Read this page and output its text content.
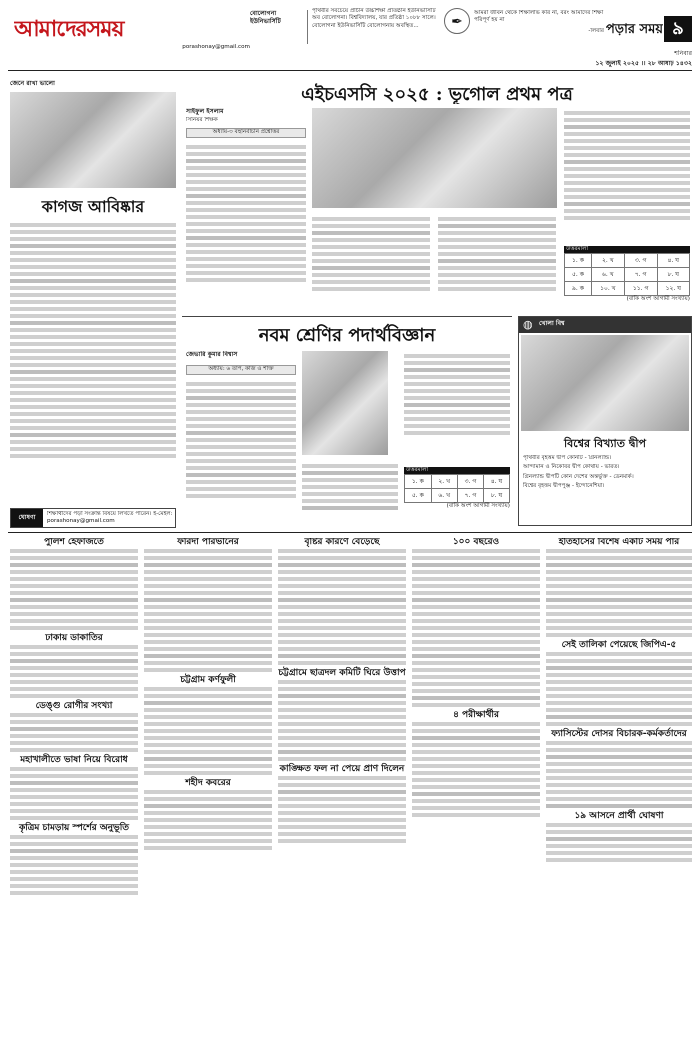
আমাদেরসময়
porashonay@gmail.com
বোলোগনা
ইউনিভার্সিটি
পৃথিবীর সবচেয়ে প্রাচীন উচ্চশিক্ষা প্রতিষ্ঠান ইউনিভার্সিটি অব বোলোগনা। বিশ্ববিদ্যালয়, যার প্রতিষ্ঠা ১০৮৮ সালে। বোলোগনা ইউনিভার্সিটি বোলোগনায় অবস্থিত...	✒
আমরা জীবন থেকে শিক্ষালাভ করি না, বরং আমাদের শিক্ষা পরিপূর্ণ হয় না
-লিবার পড়ার সময় ৯
শনিবার
১২ জুলাই ২০২৫ ।। ২৮ আষাঢ় ১৪৩২
জেনে রাখা ভালো
কাগজ আবিষ্কার
ঘোষণা	শিক্ষার্থীদের পড়া সংক্রান্ত বিষয়ে লিখতে পারেন। ই-মেইল: porashonay@gmail.com
এইচএসসি ২০২৫ : ভূগোল প্রথম পত্র
সাইফুল ইসলাম
সিনিয়র শিক্ষক
অধ্যায়-৩ বহুনির্বাচনি প্রশ্নোত্তর
উত্তরমালা
১. ক	২. খ	৩. গ	৪. ঘ
৫. ক	৬. খ	৭. গ	৮. ঘ
৯. ক	১০. খ	১১. গ	১২. ঘ
(বাকি অংশ আগামী সংখ্যায়)
নবম শ্রেণির পদার্থবিজ্ঞান
জেভারি কুমার বিশ্বাস
অধ্যায়: ৬ তাপ, কাজ ও শক্তি
উত্তরমালা
১. ক	২. খ	৩. গ	৪. ঘ
৫. ক	৬. খ	৭. গ	৮. ঘ
(বাকি অংশ আগামী সংখ্যায়)
◍ খোলা বিশ্ব
বিশ্বের বিখ্যাত দ্বীপ
পৃথিবীর বৃহত্তম দ্বীপ কোনটি - গ্রিনল্যান্ড।
আন্দামান ও নিকোবর দ্বীপ কোথায় - ভারত।
গ্রিনল্যান্ড দ্বীপটি কোন দেশের অন্তর্ভুক্ত - ডেনমার্ক।
বিশ্বের বৃহত্তম দ্বীপপুঞ্জ - ইন্দোনেশিয়া।
পুলিশ হেফাজতে
ঢাকায় ডাকাতির
ডেঙ্গু রোগীর সংখ্যা
মহাখালীতে ভাষা নিয়ে বিরোধ
কৃত্রিম চামড়ায় স্পর্শের অনুভূতি
ফরিদা পারভীনের
চট্টগ্রাম কর্ণফুলী
শহীদ কবরের
বৃষ্টির কারণে বেড়েছে
চট্টগ্রামে ছাত্রদল কমিটি ঘিরে উত্তাপ
কাঙ্ক্ষিত ফল না পেয়ে প্রাণ দিলেন
১০০ বছরেও
৪ পরীক্ষার্থীর
ইতিহাসের বিশেষ একটি সময় পার
সেই তালিকা পেয়েছে জিপিএ-৫
ফ্যাসিস্টের দোসর বিচারক-কর্মকর্তাদের
১৯ আসনে প্রার্থী ঘোষণা
